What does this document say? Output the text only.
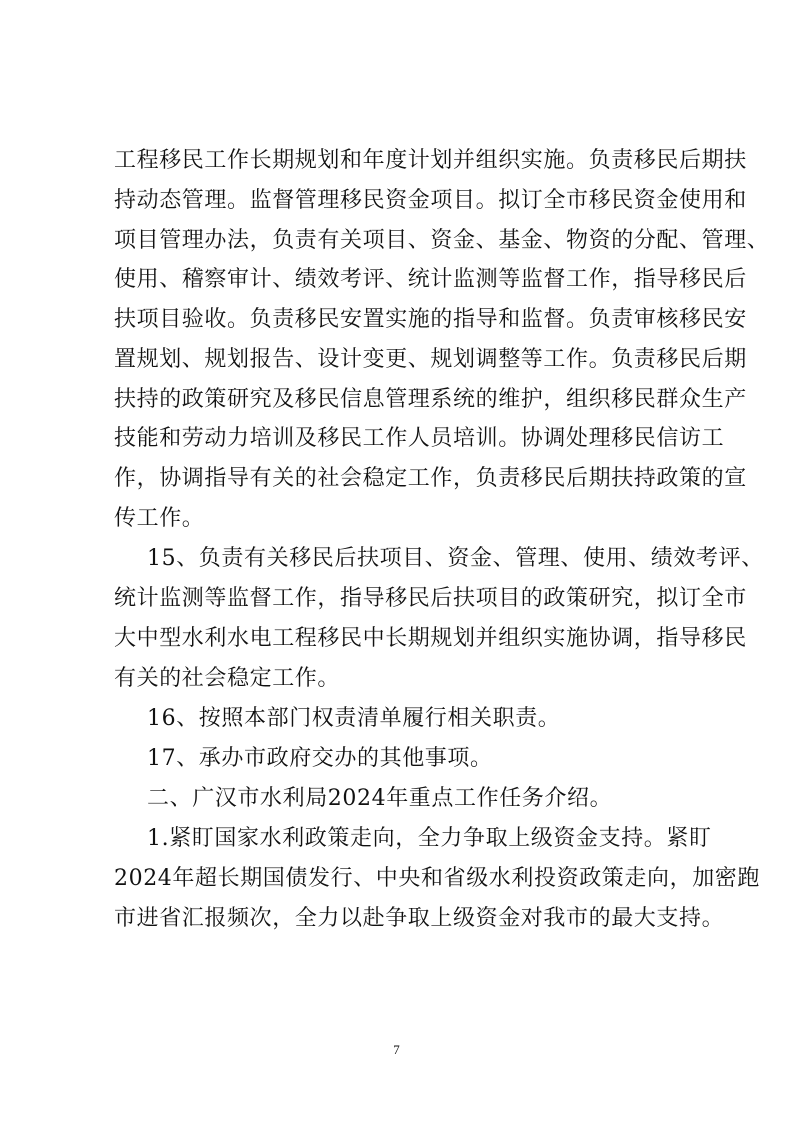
工程移民工作长期规划和年度计划并组织实施。负责移民后期扶
持动态管理。监督管理移民资金项目。拟订全市移民资金使用和
项目管理办法，负责有关项目、资金、基金、物资的分配、管理、
使用、稽察审计、绩效考评、统计监测等监督工作，指导移民后
扶项目验收。负责移民安置实施的指导和监督。负责审核移民安
置规划、规划报告、设计变更、规划调整等工作。负责移民后期
扶持的政策研究及移民信息管理系统的维护，组织移民群众生产
技能和劳动力培训及移民工作人员培训。协调处理移民信访工
作，协调指导有关的社会稳定工作，负责移民后期扶持政策的宣
传工作。
15、负责有关移民后扶项目、资金、管理、使用、绩效考评、
统计监测等监督工作，指导移民后扶项目的政策研究，拟订全市
大中型水利水电工程移民中长期规划并组织实施协调，指导移民
有关的社会稳定工作。
16、按照本部门权责清单履行相关职责。
17、承办市政府交办的其他事项。
二、广汉市水利局2024年重点工作任务介绍。
1.紧盯国家水利政策走向，全力争取上级资金支持。紧盯
2024年超长期国债发行、中央和省级水利投资政策走向，加密跑
市进省汇报频次，全力以赴争取上级资金对我市的最大支持。
7
